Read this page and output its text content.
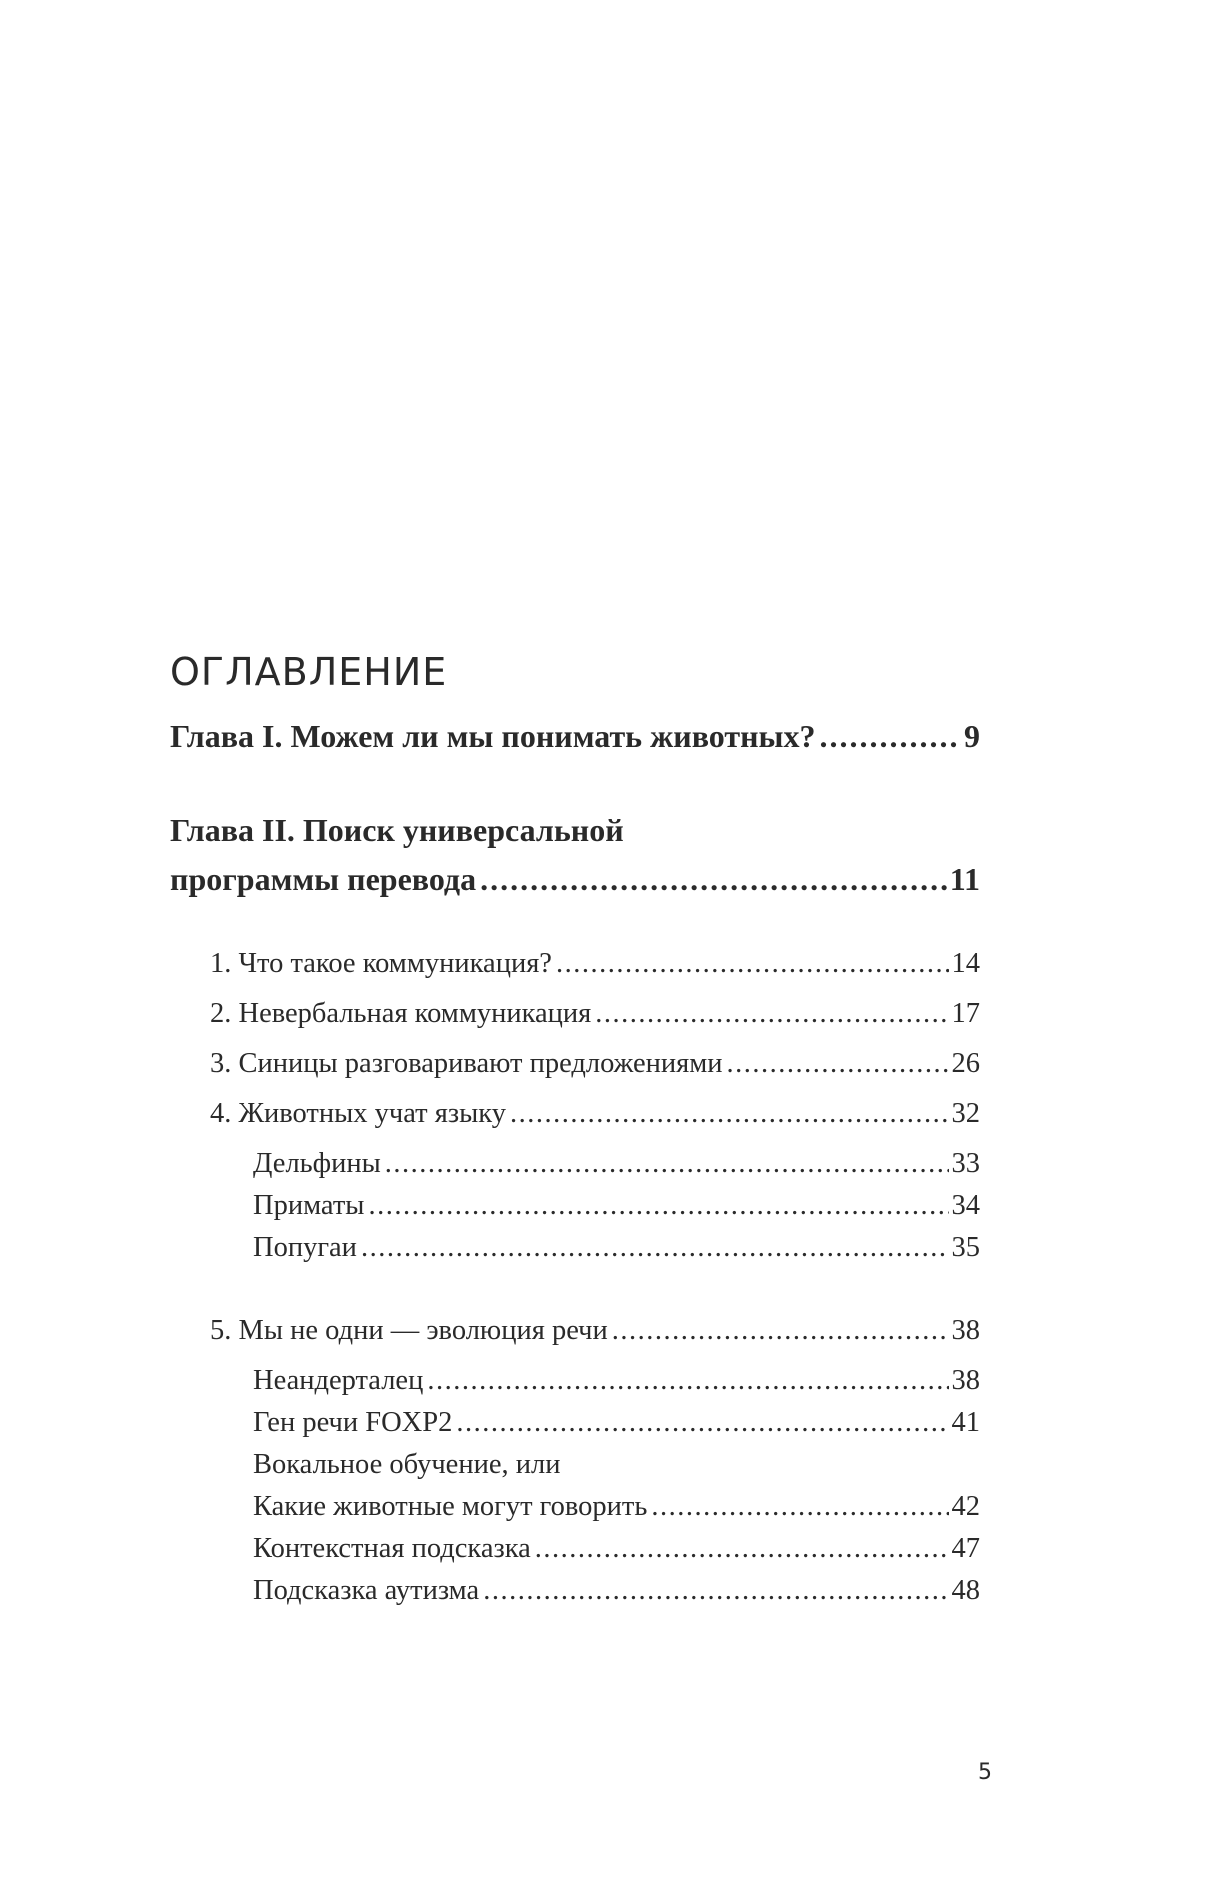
ОГЛАВЛЕНИЕ
Глава I. Можем ли мы понимать животных? .....	9
Глава II. Поиск универсальной
программы перевода .....	11
1. Что такое коммуникация? .....	14
2. Невербальная коммуникация .....	17
3. Синицы разговаривают предложениями .....	26
4. Животных учат языку .....	32
Дельфины .....	33
Приматы .....	34
Попугаи .....	35
5. Мы не одни — эволюция речи .....	38
Неандерталец .....	38
Ген речи FOXP2 .....	41
Вокальное обучение, или
Какие животные могут говорить .....	42
Контекстная подсказка .....	47
Подсказка аутизма .....	48
5
